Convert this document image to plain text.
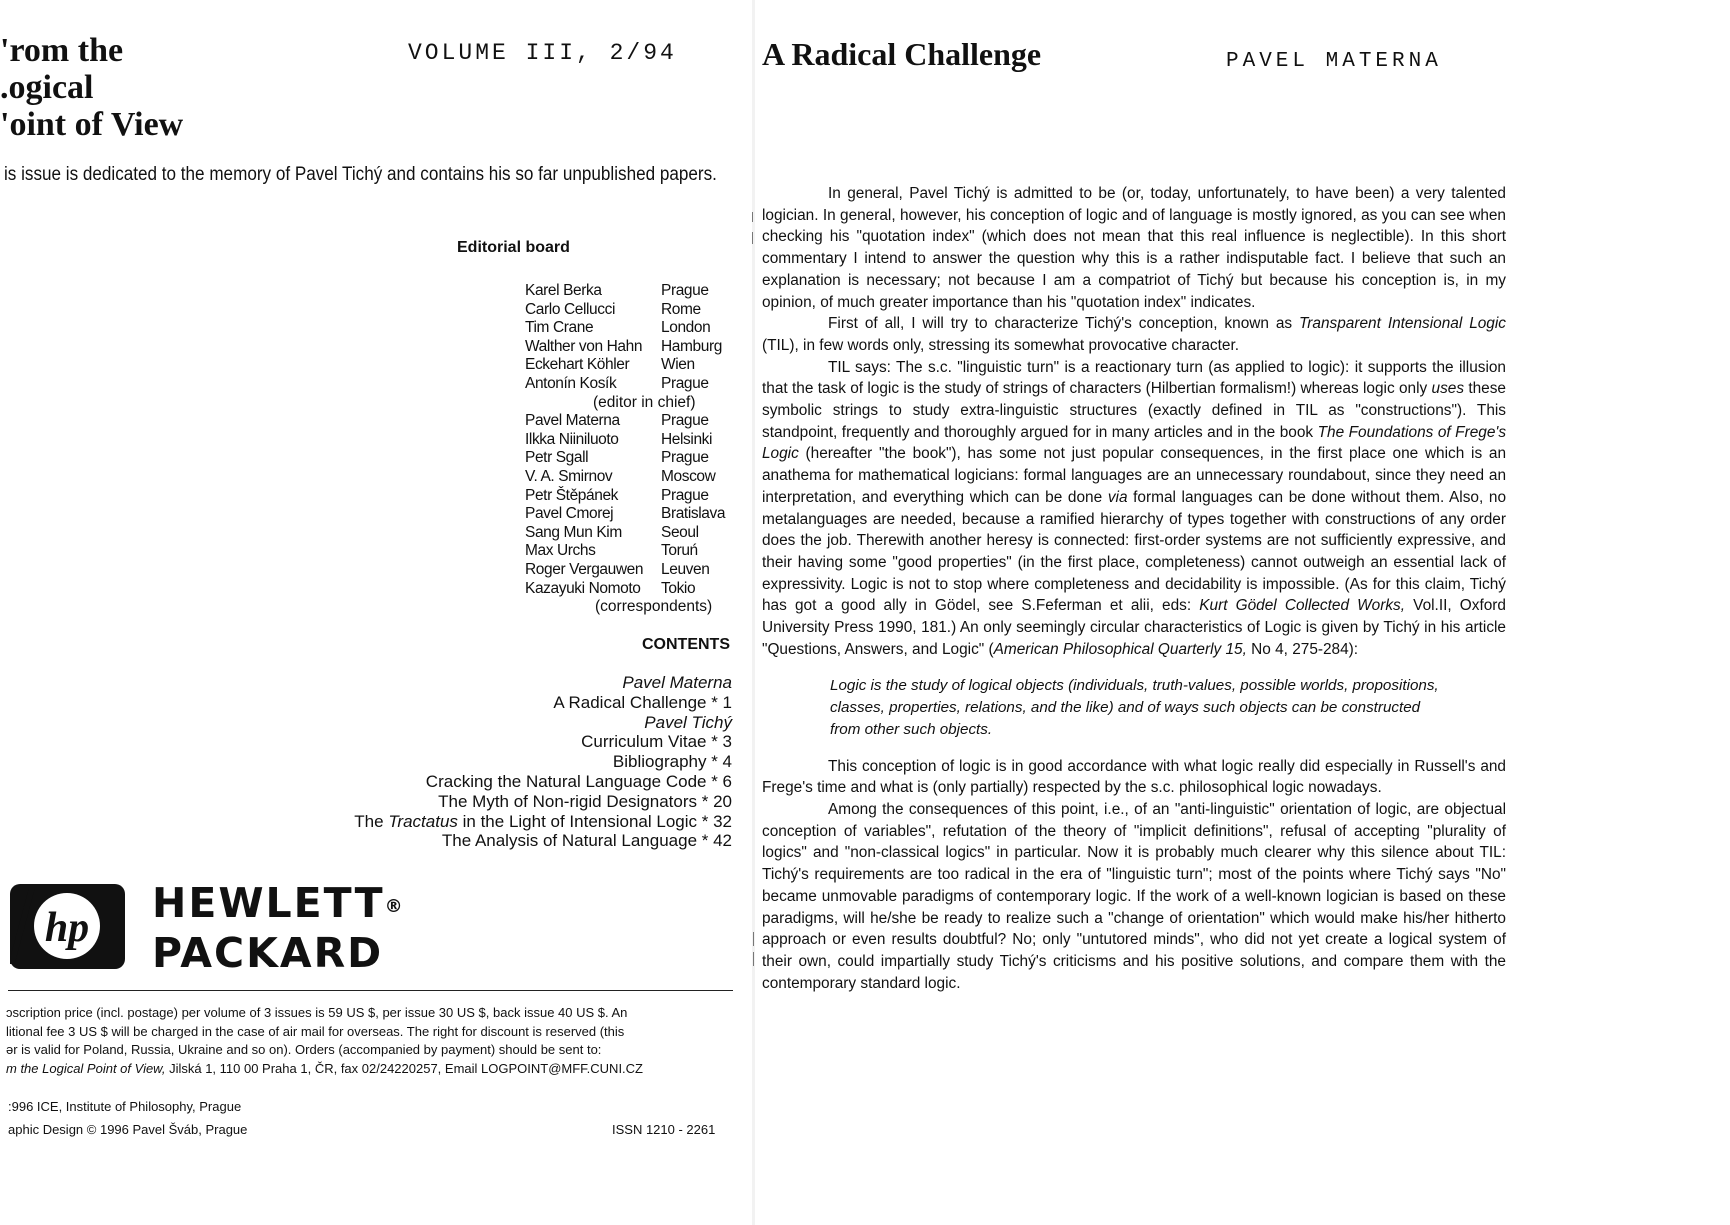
'rom the
.ogical
'oint of View
VOLUME III, 2/94
is issue is dedicated to the memory of Pavel Tichý and contains his so far unpublished papers.
Editorial board
Karel Berka	Prague
Carlo Cellucci	Rome
Tim Crane	London
Walther von Hahn	Hamburg
Eckehart Köhler	Wien
Antonín Kosík	Prague
(editor in chief)
Pavel Materna	Prague
Ilkka Niiniluoto	Helsinki
Petr Sgall	Prague
V. A. Smirnov	Moscow
Petr Štěpánek	Prague
Pavel Cmorej	Bratislava
Sang Mun Kim	Seoul
Max Urchs	Toruń
Roger Vergauwen	Leuven
Kazayuki Nomoto	Tokio
(correspondents)
CONTENTS
Pavel Materna
A Radical Challenge * 1
Pavel Tichý
Curriculum Vitae * 3
Bibliography * 4
Cracking the Natural Language Code * 6
The Myth of Non-rigid Designators * 20
The Tractatus in the Light of Intensional Logic * 32
The Analysis of Natural Language * 42
hp
HEWLETT®
PACKARD
ɔscription price (incl. postage) per volume of 3 issues is 59 US $, per issue 30 US $, back issue 40 US $. An
litional fee 3 US $ will be charged in the case of air mail for overseas. The right for discount is reserved (this
ər is valid for Poland, Russia, Ukraine and so on). Orders (accompanied by payment) should be sent to:
m the Logical Point of View, Jilská 1, 110 00 Praha 1, ČR, fax 02/24220257, Email LOGPOINT@MFF.CUNI.CZ
:996 ICE, Institute of Philosophy, Prague
aphic Design © 1996 Pavel Šváb, Prague	ISSN 1210 - 2261
A Radical Challenge	PAVEL MATERNA

In general, Pavel Tichý is admitted to be (or, today, unfortunately, to have been) a very talented logician. In general, however, his conception of logic and of language is mostly ignored, as you can see when checking his "quotation index" (which does not mean that this real influence is neglectible). In this short commentary I intend to answer the question why this is a rather indisputable fact. I believe that such an explanation is necessary; not because I am a compatriot of Tichý but because his conception is, in my opinion, of much greater importance than his "quotation index" indicates.

First of all, I will try to characterize Tichý's conception, known as Transparent Intensional Logic (TIL), in few words only, stressing its somewhat provocative character.

TIL says: The s.c. "linguistic turn" is a reactionary turn (as applied to logic): it supports the illusion that the task of logic is the study of strings of characters (Hilbertian formalism!) whereas logic only uses these symbolic strings to study extra-linguistic structures (exactly defined in TIL as "constructions"). This standpoint, frequently and thoroughly argued for in many articles and in the book The Foundations of Frege's Logic (hereafter "the book"), has some not just popular consequences, in the first place one which is an anathema for mathematical logicians: formal languages are an unnecessary roundabout, since they need an interpretation, and everything which can be done via formal languages can be done without them. Also, no metalanguages are needed, because a ramified hierarchy of types together with constructions of any order does the job. Therewith another heresy is connected: first-order systems are not sufficiently expressive, and their having some "good properties" (in the first place, completeness) cannot outweigh an essential lack of expressivity. Logic is not to stop where completeness and decidability is impossible. (As for this claim, Tichý has got a good ally in Gödel, see S.Feferman et alii, eds: Kurt Gödel Collected Works, Vol.II, Oxford University Press 1990, 181.) An only seemingly circular characteristics of Logic is given by Tichý in his article "Questions, Answers, and Logic" (American Philosophical Quarterly 15, No 4, 275-284):

Logic is the study of logical objects (individuals, truth-values, possible worlds, propositions, classes, properties, relations, and the like) and of ways such objects can be constructed from other such objects.

This conception of logic is in good accordance with what logic really did especially in Russell's and Frege's time and what is (only partially) respected by the s.c. philosophical logic nowadays.

Among the consequences of this point, i.e., of an "anti-linguistic" orientation of logic, are objectual conception of variables", refutation of the theory of "implicit definitions", refusal of accepting "plurality of logics" and "non-classical logics" in particular. Now it is probably much clearer why this silence about TIL: Tichý's requirements are too radical in the era of "linguistic turn"; most of the points where Tichý says "No" became unmovable paradigms of contemporary logic. If the work of a well-known logician is based on these paradigms, will he/she be ready to realize such a "change of orientation" which would make his/her hitherto approach or even results doubtful? No; only "untutored minds", who did not yet create a logical system of their own, could impartially study Tichý's criticisms and his positive solutions, and compare them with the contemporary standard logic.
